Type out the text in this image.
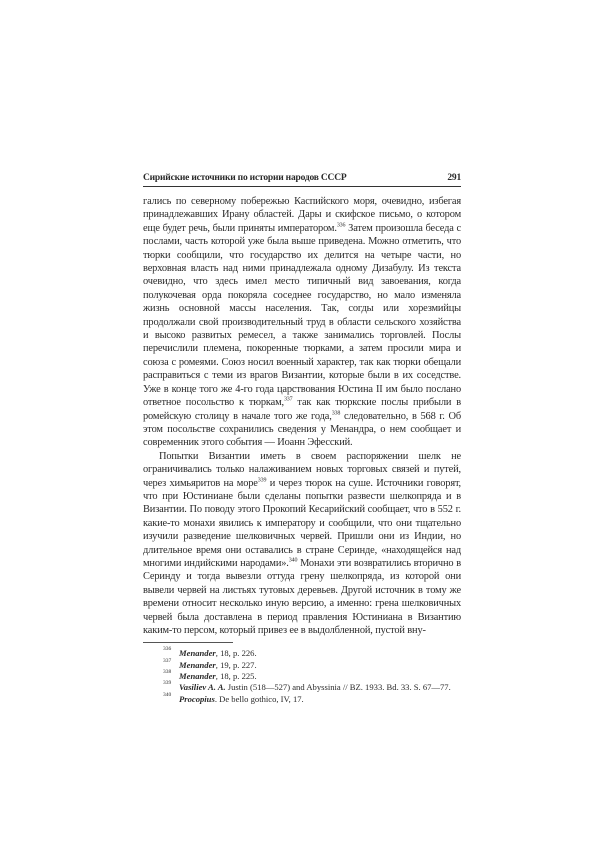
Сирийские источники по истории народов СССР	291

гались по северному побережью Каспийского моря, очевидно, избегая принадлежавших Ирану областей. Дары и скифское письмо, о котором еще будет речь, были приняты императором.$^{336}$ Затем произошла беседа с послами, часть которой уже была выше приведена. Можно отметить, что тюрки сообщили, что государство их делится на четыре части, но верховная власть над ними принадлежала одному Дизабулу. Из текста очевидно, что здесь имел место типичный вид завоевания, когда полукочевая орда покоряла соседнее государство, но мало изменяла жизнь основной массы населения. Так, согды или хорезмийцы продолжали свой производительный труд в области сельского хозяйства и высоко развитых ремесел, а также занимались торговлей. Послы перечислили племена, покоренные тюрками, а затем просили мира и союза с ромеями. Союз носил военный характер, так как тюрки обещали расправиться с теми из врагов Византии, которые были в их соседстве. Уже в конце того же 4-го года царствования Юстина II им было послано ответное посольство к тюркам,$^{337}$ так как тюркские послы прибыли в ромейскую столицу в начале того же года,$^{338}$ следовательно, в 568 г. Об этом посольстве сохранились сведения у Менандра, о нем сообщает и современник этого события — Иоанн Эфесский.

Попытки Византии иметь в своем распоряжении шелк не ограничивались только налаживанием новых торговых связей и путей, через химьяритов на море$^{339}$ и через тюрок на суше. Источники говорят, что при Юстиниане были сделаны попытки развести шелкопряда и в Византии. По поводу этого Прокопий Кесарийский сообщает, что в 552 г. какие-то монахи явились к императору и сообщили, что они тщательно изучили разведение шелковичных червей. Пришли они из Индии, но длительное время они оставались в стране Серинде, «находящейся над многими индийскими народами».$^{340}$ Монахи эти возвратились вторично в Серинду и тогда вывезли оттуда грену шелкопряда, из которой они вывели червей на листьях тутовых деревьев. Другой источник в тому же времени относит несколько иную версию, а именно: грена шелковичных червей была доставлена в период правления Юстиниана в Византию каким-то персом, который привез ее в выдолбленной, пустой вну-

336 Menander, 18, p. 226.
337 Menander, 19, p. 227.
338 Menander, 18, p. 225.
339 Vasiliev A. A. Justin (518—527) and Abyssinia // BZ. 1933. Bd. 33. S. 67—77.
340 Procopius. De bello gothico, IV, 17.
